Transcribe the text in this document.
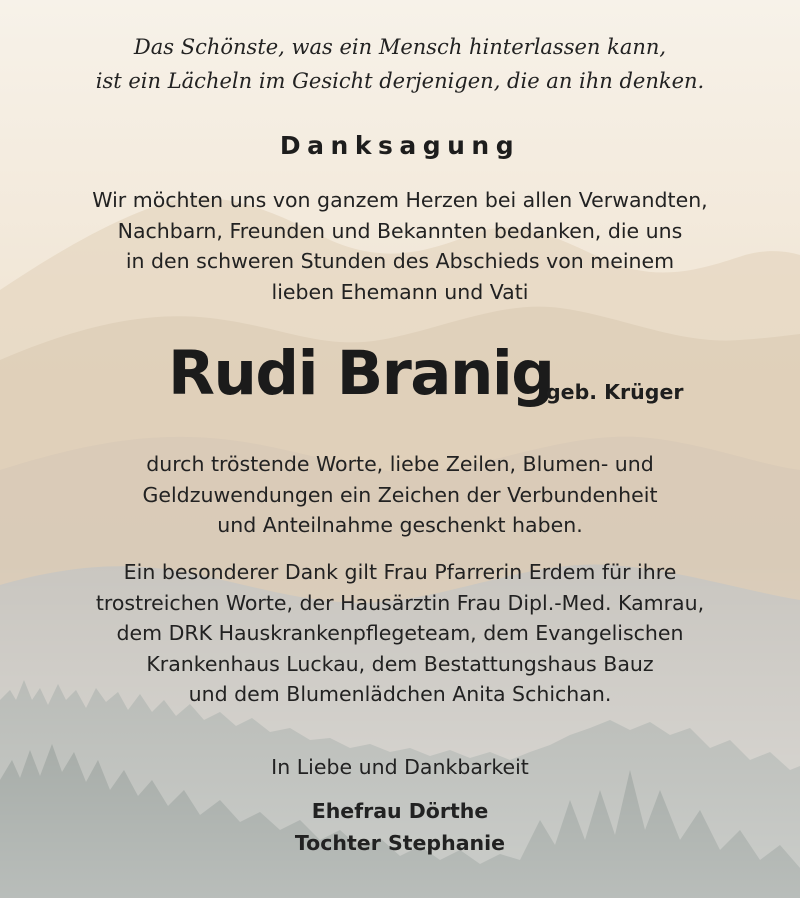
Das Schönste, was ein Mensch hinterlassen kann,
ist ein Lächeln im Gesicht derjenigen, die an ihn denken.
Danksagung
Wir möchten uns von ganzem Herzen bei allen Verwandten,
Nachbarn, Freunden und Bekannten bedanken, die uns
in den schweren Stunden des Abschieds von meinem
lieben Ehemann und Vati
Rudi Branig
geb. Krüger
durch tröstende Worte, liebe Zeilen, Blumen- und
Geldzuwendungen ein Zeichen der Verbundenheit
und Anteilnahme geschenkt haben.
Ein besonderer Dank gilt Frau Pfarrerin Erdem für ihre
trostreichen Worte, der Hausärztin Frau Dipl.-Med. Kamrau,
dem DRK Hauskrankenpflegeteam, dem Evangelischen
Krankenhaus Luckau, dem Bestattungshaus Bauz
und dem Blumenlädchen Anita Schichan.
In Liebe und Dankbarkeit
Ehefrau Dörthe
Tochter Stephanie
